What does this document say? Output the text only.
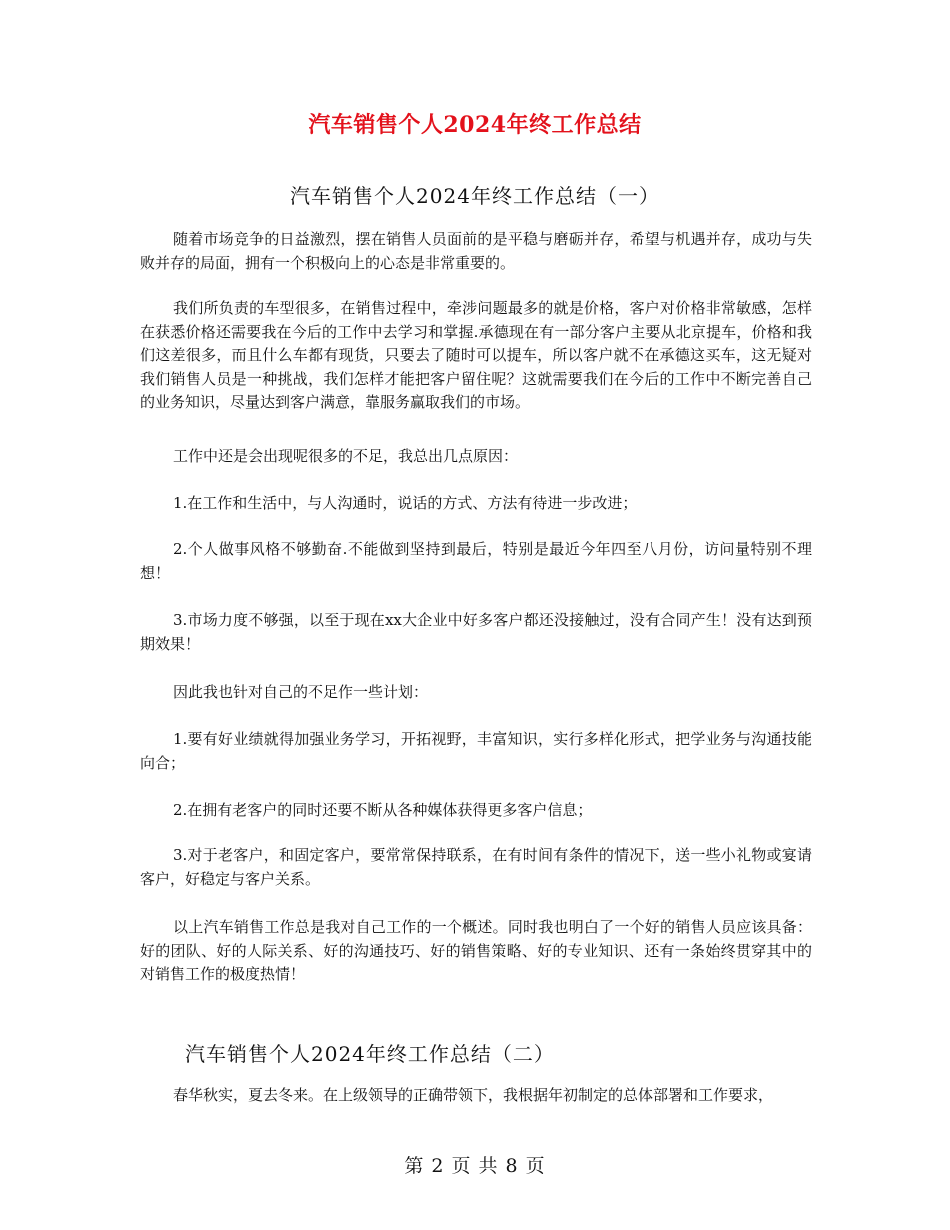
汽车销售个人2024年终工作总结
汽车销售个人2024年终工作总结（一）

随着市场竞争的日益激烈，摆在销售人员面前的是平稳与磨砺并存，希望与机遇并存，成功与失败并存的局面，拥有一个积极向上的心态是非常重要的。

我们所负责的车型很多，在销售过程中，牵涉问题最多的就是价格，客户对价格非常敏感，怎样在获悉价格还需要我在今后的工作中去学习和掌握.承德现在有一部分客户主要从北京提车，价格和我们这差很多，而且什么车都有现货，只要去了随时可以提车，所以客户就不在承德这买车，这无疑对我们销售人员是一种挑战，我们怎样才能把客户留住呢？这就需要我们在今后的工作中不断完善自己的业务知识，尽量达到客户满意，靠服务赢取我们的市场。

工作中还是会出现呢很多的不足，我总出几点原因：

1.在工作和生活中，与人沟通时，说话的方式、方法有待进一步改进；

2.个人做事风格不够勤奋.不能做到坚持到最后，特别是最近今年四至八月份，访问量特别不理想！

3.市场力度不够强，以至于现在xx大企业中好多客户都还没接触过，没有合同产生！没有达到预期效果！

因此我也针对自己的不足作一些计划：

1.要有好业绩就得加强业务学习，开拓视野，丰富知识，实行多样化形式，把学业务与沟通技能向合；

2.在拥有老客户的同时还要不断从各种媒体获得更多客户信息；

3.对于老客户，和固定客户，要常常保持联系，在有时间有条件的情况下，送一些小礼物或宴请客户，好稳定与客户关系。

以上汽车销售工作总是我对自己工作的一个概述。同时我也明白了一个好的销售人员应该具备：好的团队、好的人际关系、好的沟通技巧、好的销售策略、好的专业知识、还有一条始终贯穿其中的对销售工作的极度热情！

汽车销售个人2024年终工作总结（二）

春华秋实，夏去冬来。在上级领导的正确带领下，我根据年初制定的总体部署和工作要求，

第 2 页 共 8 页
